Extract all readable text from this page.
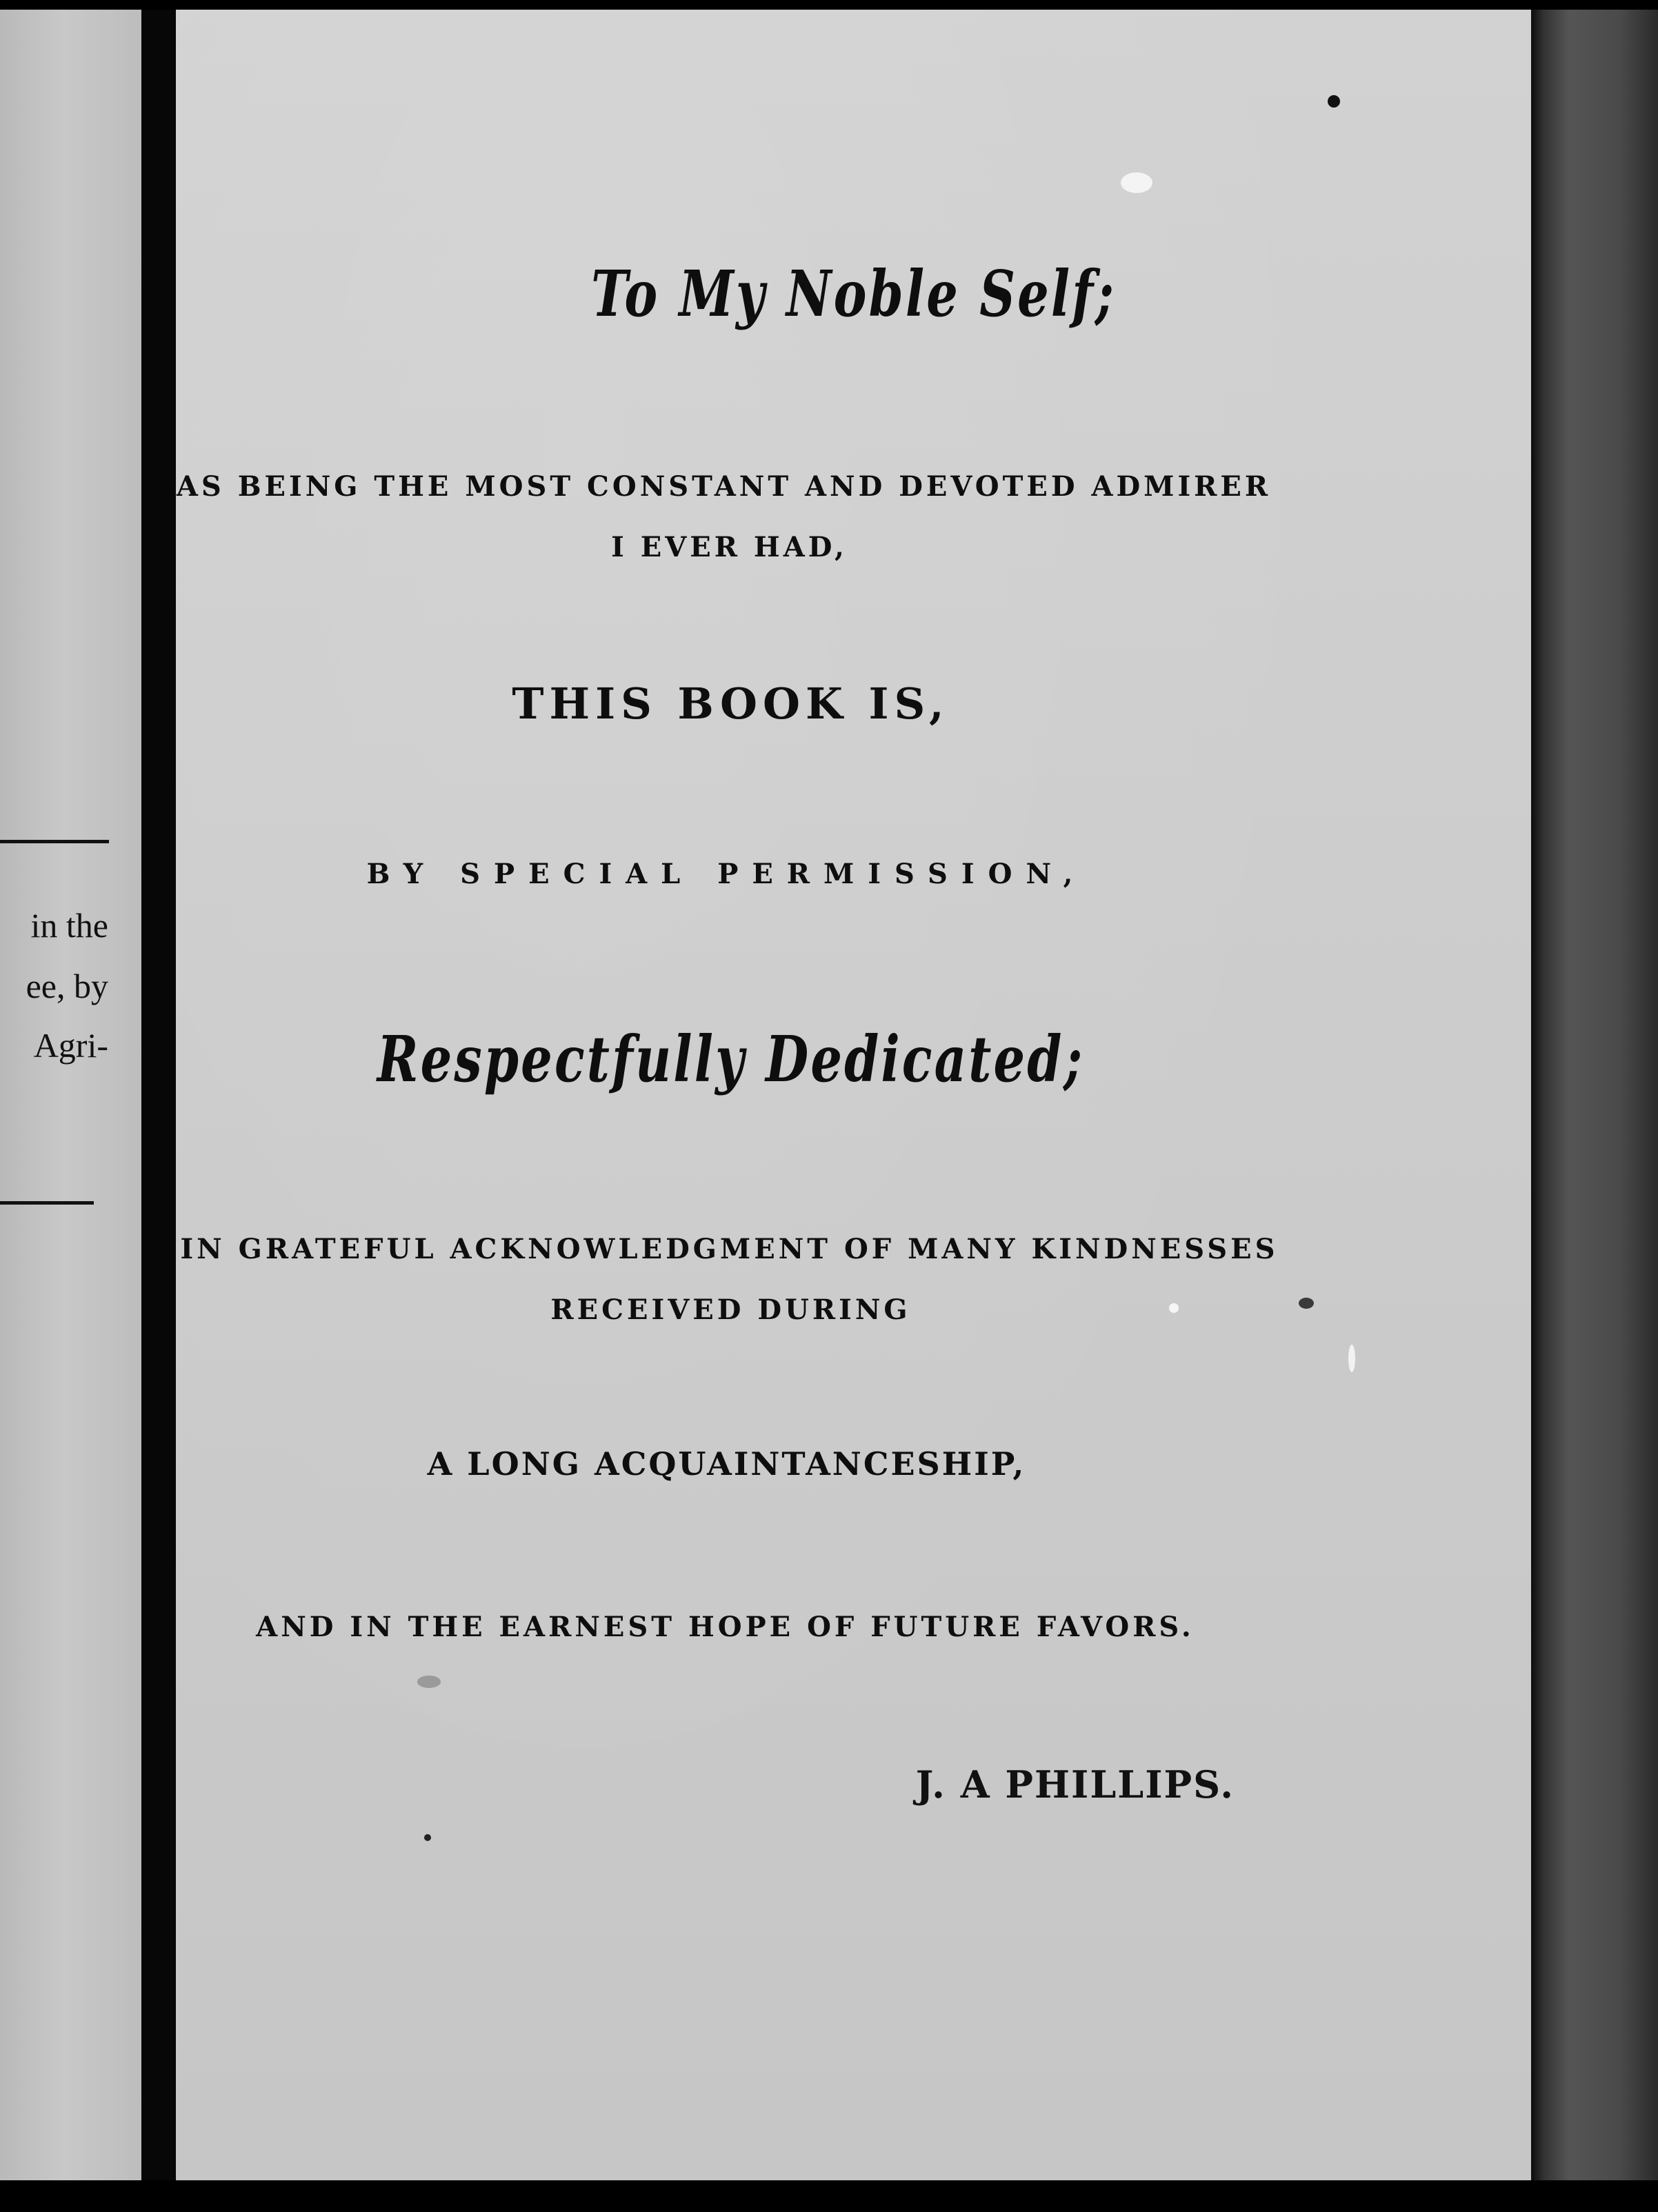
in the
ee, by
Agri-
To My Noble Self;
AS BEING THE MOST CONSTANT AND DEVOTED ADMIRER
I EVER HAD,
THIS BOOK IS,
BY SPECIAL PERMISSION,
Respectfully Dedicated;
IN GRATEFUL ACKNOWLEDGMENT OF MANY KINDNESSES
RECEIVED DURING
A LONG ACQUAINTANCESHIP,
AND IN THE EARNEST HOPE OF FUTURE FAVORS.
J. A PHILLIPS.
